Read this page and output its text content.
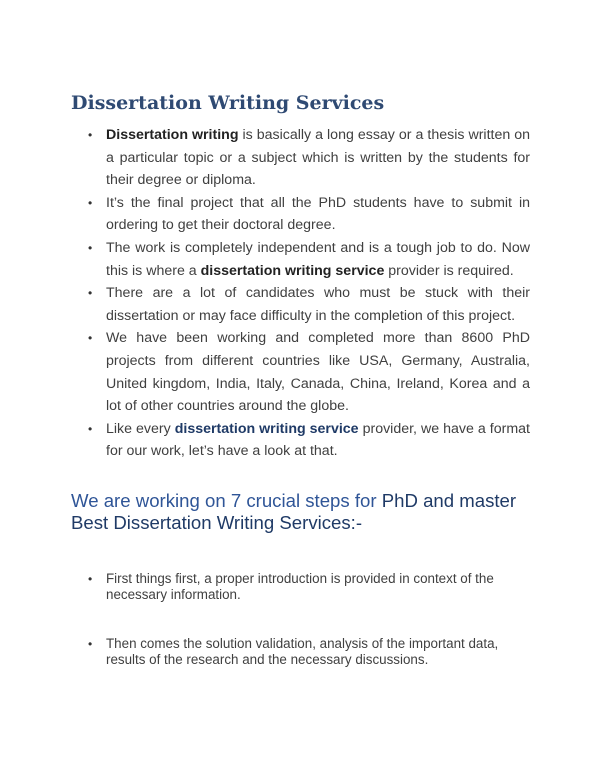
Dissertation Writing Services
• Dissertation writing is basically a long essay or a thesis written on a particular topic or a subject which is written by the students for their degree or diploma.
• It’s the final project that all the PhD students have to submit in ordering to get their doctoral degree.
• The work is completely independent and is a tough job to do. Now this is where a dissertation writing service provider is required.
• There are a lot of candidates who must be stuck with their dissertation or may face difficulty in the completion of this project.
• We have been working and completed more than 8600 PhD projects from different countries like USA, Germany, Australia, United kingdom, India, Italy, Canada, China, Ireland, Korea and a lot of other countries around the globe.
• Like every dissertation writing service provider, we have a format for our work, let’s have a look at that.
We are working on 7 crucial steps for PhD and master Best Dissertation Writing Services:-
• First things first, a proper introduction is provided in context of the necessary information.
• Then comes the solution validation, analysis of the important data, results of the research and the necessary discussions.
